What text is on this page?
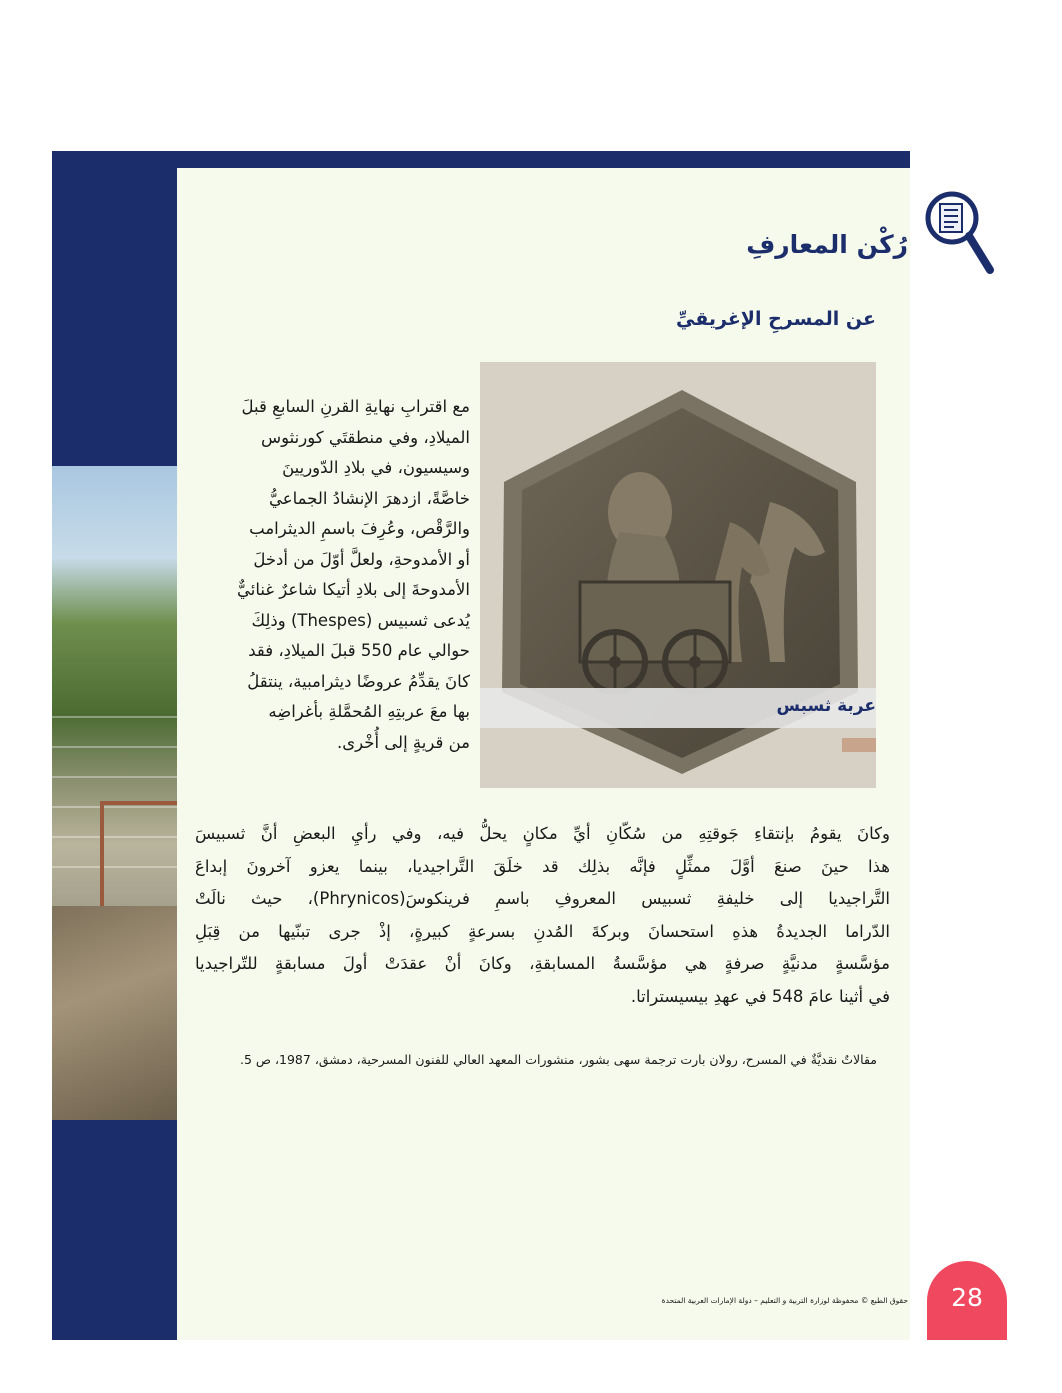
رُكْن المعارفِ
عن المسرحِ الإغريقيِّ
مع اقترابِ نهايةِ القرنِ السابعِ قبلَ
الميلادِ، وفي منطقتَي كورنثوس
وسيسيون، في بلادِ الدّوريينَ
خاصَّةً، ازدهرَ الإنشادُ الجماعيُّ
والرَّقْص، وعُرِفَ باسمِ الديثرامب
أو الأمدوحةِ، ولعلَّ أوّلَ من أدخلَ
الأمدوحةَ إلى بلادِ أتيكا شاعرٌ غنائيٌّ
يُدعى ثسبيس (Thespes) وذلِكَ
حوالي عام 550 قبلَ الميلادِ، فقد
كانَ يقدِّمُ عروضًا ديثرامبية، ينتقلُ
بها معَ عربتِهِ المُحمَّلةِ بأغراضِه
من قريةٍ إلى أُخْرى.
عربة ثسبس
وكانَ يقومُ بإنتقاءِ جَوقتِهِ من سُكّانِ أيِّ مكانٍ يحلُّ فيه، وفي رأيِ البعضِ أنَّ ثسبيسَ
هذا حينَ صنعَ أوَّلَ ممثِّلٍ فإنَّه بذلِك قد خلَقَ التَّراجيديا، بينما يعزو آخرونَ إبداعَ
التَّراجيديا إلى خليفةِ ثسبيس المعروفِ باسمِ فرينكوسَ(Phrynicos)، حيث نالَتْ
الدّراما الجديدةُ هذهِ استحسانَ وبركةَ المُدنِ بسرعةٍ كبيرةٍ، إذْ جرى تبنّيها من قِبَلِ
مؤسَّسةٍ مدنيَّةٍ صرفةٍ هي مؤسَّسةُ المسابقةِ، وكانَ أنْ عقدَتْ أولَ مسابقةٍ للتّراجيديا
في أثينا عامَ 548 في عهدِ بيسيستراتا.
مقالاتٌ نقديَّةٌ في المسرح، رولان بارت ترجمة سهى بشور، منشورات المعهد العالي للفنون المسرحية، دمشق، 1987، ص 5.
حقوق الطبع © محفوظة لوزارة التربية و التعليم – دولة الإمارات العربية المتحدة	28
